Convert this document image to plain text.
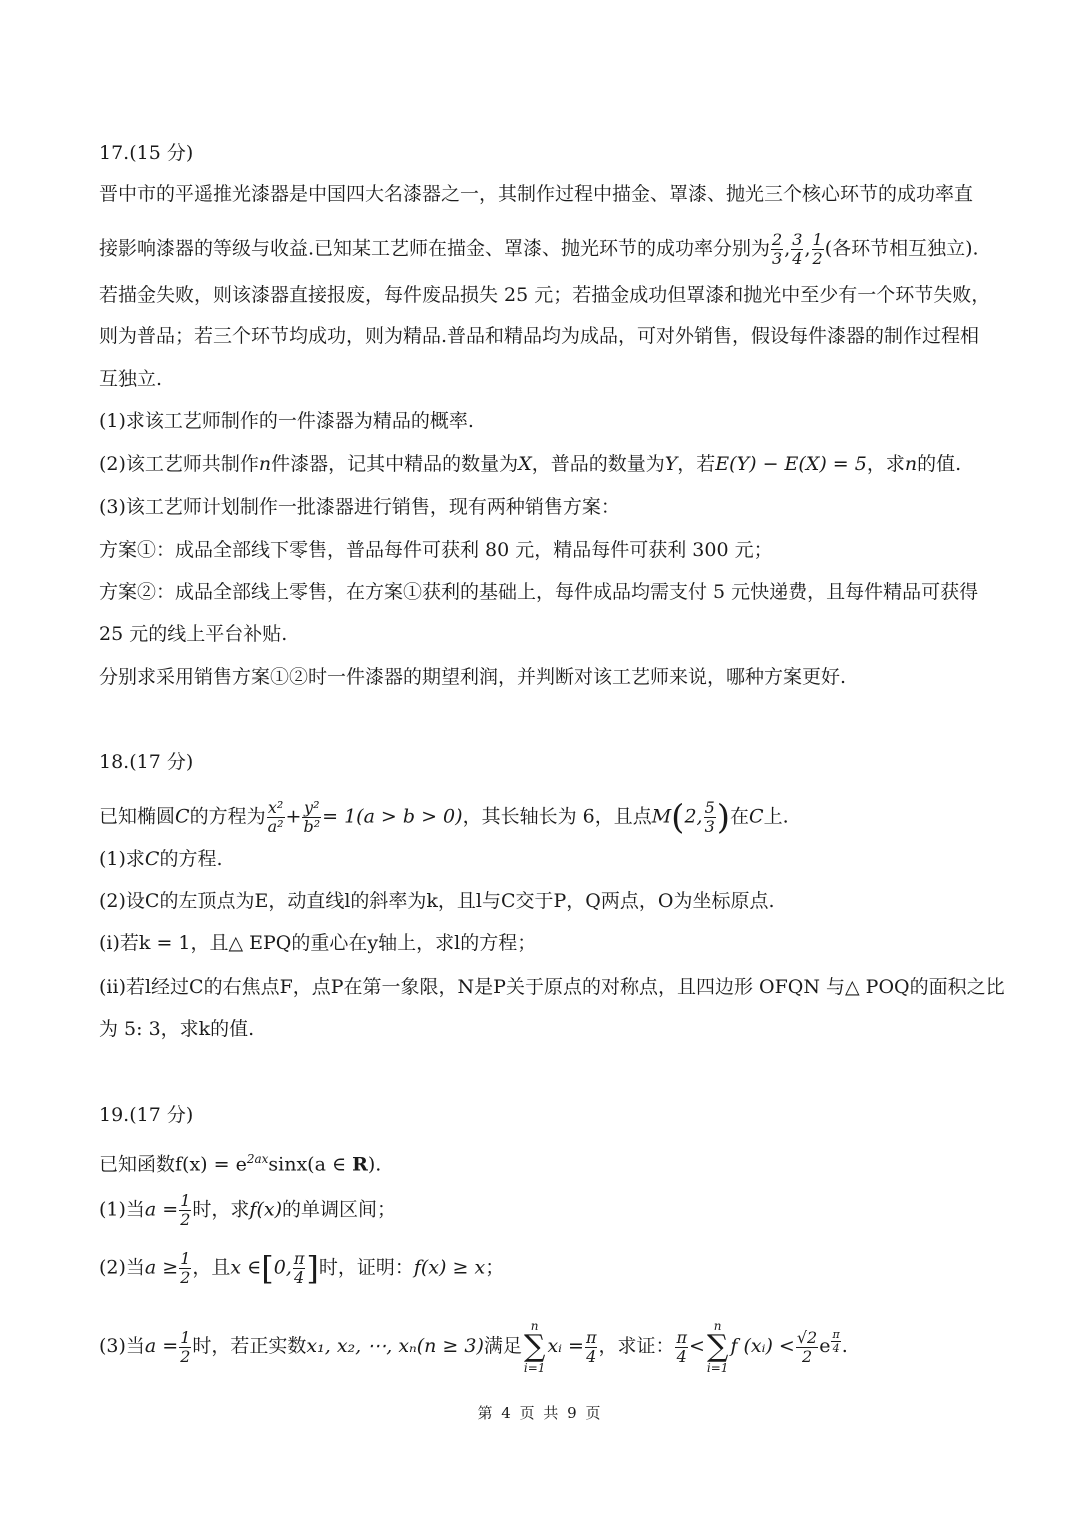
17.(15 分)
晋中市的平遥推光漆器是中国四大名漆器之一，其制作过程中描金、罩漆、抛光三个核心环节的成功率直
接影响漆器的等级与收益.已知某工艺师在描金、罩漆、抛光环节的成功率分别为 $\frac{2}{3}$ , $\frac{3}{4}$ , $\frac{1}{2}$ (各环节相互独立).
若描金失败，则该漆器直接报废，每件废品损失 25 元；若描金成功但罩漆和抛光中至少有一个环节失败，
则为普品；若三个环节均成功，则为精品.普品和精品均为成品，可对外销售，假设每件漆器的制作过程相
互独立.
(1)求该工艺师制作的一件漆器为精品的概率.
(2)该工艺师共制作n件漆器，记其中精品的数量为X，普品的数量为Y，若E(Y) − E(X) = 5，求n的值.
(3)该工艺师计划制作一批漆器进行销售，现有两种销售方案：
方案①：成品全部线下零售，普品每件可获利 80 元，精品每件可获利 300 元；
方案②：成品全部线上零售，在方案①获利的基础上，每件成品均需支付 5 元快递费，且每件精品可获得
25 元的线上平台补贴.
分别求采用销售方案①②时一件漆器的期望利润，并判断对该工艺师来说，哪种方案更好.
18.(17 分)
已知椭圆C的方程为 $\frac{\text{x²}}{\text{a²}} + \frac{\text{y²}}{\text{b²}} = 1(a > b > 0)$，其长轴长为 6，且点M(2, $\frac{5}{3}$ )在C上.
(1)求C的方程.
(2)设C的左顶点为E，动直线l的斜率为k，且l与C交于P，Q两点，O为坐标原点.
(i)若k = 1，且△ EPQ的重心在y轴上，求l的方程；
(ii)若l经过C的右焦点F，点P在第一象限，N是P关于原点的对称点，且四边形 OFQN 与△ POQ的面积之比
为 5: 3，求k的值.
19.(17 分)
已知函数$f(x) = e^{2ax}\sin x(a$ ∈ R).
(1)当$a = \frac{1}{2}$ 时，求f(x)的单调区间；
(2)当$a \ge \frac{1}{2}$ ，且x ∈[0, $\frac{\pi}{4}$ ]时，证明：f(x) ≥ x；
(3)当$a = \frac{1}{2}$ 时，若正实数x₁, x₂, ⋯, xₙ(n ≥ 3)满足
n
∑
i=1
xᵢ = $\frac{\pi}{4}$ ，求证： $\frac{\pi}{4}$ <
n
∑
i=1
f (xᵢ) < $\frac{√2}{2}$ e $^{\frac{\pi}{4}}$ .
第 4 页 共 9 页
